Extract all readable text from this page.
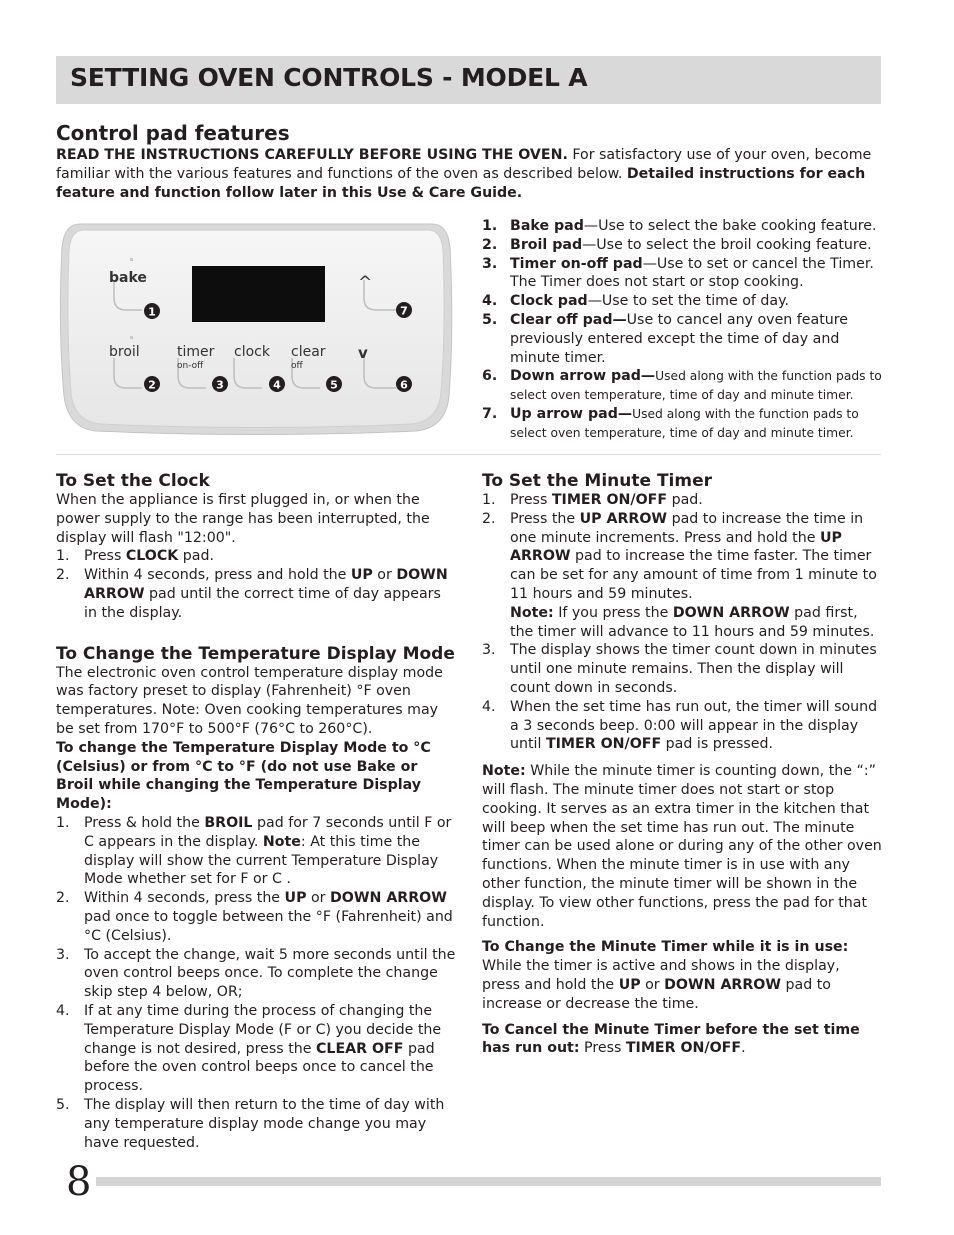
SETTING OVEN CONTROLS - MODEL A
Control pad features

READ THE INSTRUCTIONS CAREFULLY BEFORE USING THE OVEN. For satisfactory use of your oven, become familiar with the various features and functions of the oven as described below. Detailed instructions for each feature and function follow later in this Use & Care Guide.

bake
broil	timer
on-off
clock clear
off
^
v
1	7
2	3	4	5	6
1. Bake pad—Use to select the bake cooking feature.
2. Broil pad—Use to select the broil cooking feature.
3. Timer on-off pad—Use to set or cancel the Timer. The Timer does not start or stop cooking.
4. Clock pad—Use to set the time of day.
5. Clear off pad—Use to cancel any oven feature previously entered except the time of day and minute timer.
6. Down arrow pad—Used along with the function pads to select oven temperature, time of day and minute timer.
7. Up arrow pad—Used along with the function pads to select oven temperature, time of day and minute timer.
To Set the Clock

When the appliance is first plugged in, or when the power supply to the range has been interrupted, the display will flash "12:00".

1. Press CLOCK pad.
2. Within 4 seconds, press and hold the UP or DOWN ARROW pad until the correct time of day appears in the display.
To Change the Temperature Display Mode

The electronic oven control temperature display mode was factory preset to display (Fahrenheit) °F oven temperatures. Note: Oven cooking temperatures may be set from 170°F to 500°F (76°C to 260°C).

To change the Temperature Display Mode to °C (Celsius) or from °C to °F (do not use Bake or Broil while changing the Temperature Display Mode):

1. Press & hold the BROIL pad for 7 seconds until F or C appears in the display. Note: At this time the display will show the current Temperature Display Mode whether set for F or C .
2. Within 4 seconds, press the UP or DOWN ARROW pad once to toggle between the °F (Fahrenheit) and °C (Celsius).
3. To accept the change, wait 5 more seconds until the oven control beeps once. To complete the change skip step 4 below, OR;
4. If at any time during the process of changing the Temperature Display Mode (F or C) you decide the change is not desired, press the CLEAR OFF pad before the oven control beeps once to cancel the process.
5. The display will then return to the time of day with any temperature display mode change you may have requested.
To Set the Minute Timer
1. Press TIMER ON/OFF pad.
2. Press the UP ARROW pad to increase the time in one minute increments. Press and hold the UP ARROW pad to increase the time faster. The timer can be set for any amount of time from 1 minute to 11 hours and 59 minutes.
Note: If you press the DOWN ARROW pad first, the timer will advance to 11 hours and 59 minutes.
3. The display shows the timer count down in minutes until one minute remains. Then the display will count down in seconds.
4. When the set time has run out, the timer will sound a 3 seconds beep. 0:00 will appear in the display until TIMER ON/OFF pad is pressed.

Note: While the minute timer is counting down, the “:” will flash. The minute timer does not start or stop cooking. It serves as an extra timer in the kitchen that will beep when the set time has run out. The minute timer can be used alone or during any of the other oven functions. When the minute timer is in use with any other function, the minute timer will be shown in the display. To view other functions, press the pad for that function.

To Change the Minute Timer while it is in use:

While the timer is active and shows in the display, press and hold the UP or DOWN ARROW pad to increase or decrease the time.

To Cancel the Minute Timer before the set time has run out: Press TIMER ON/OFF.

8
